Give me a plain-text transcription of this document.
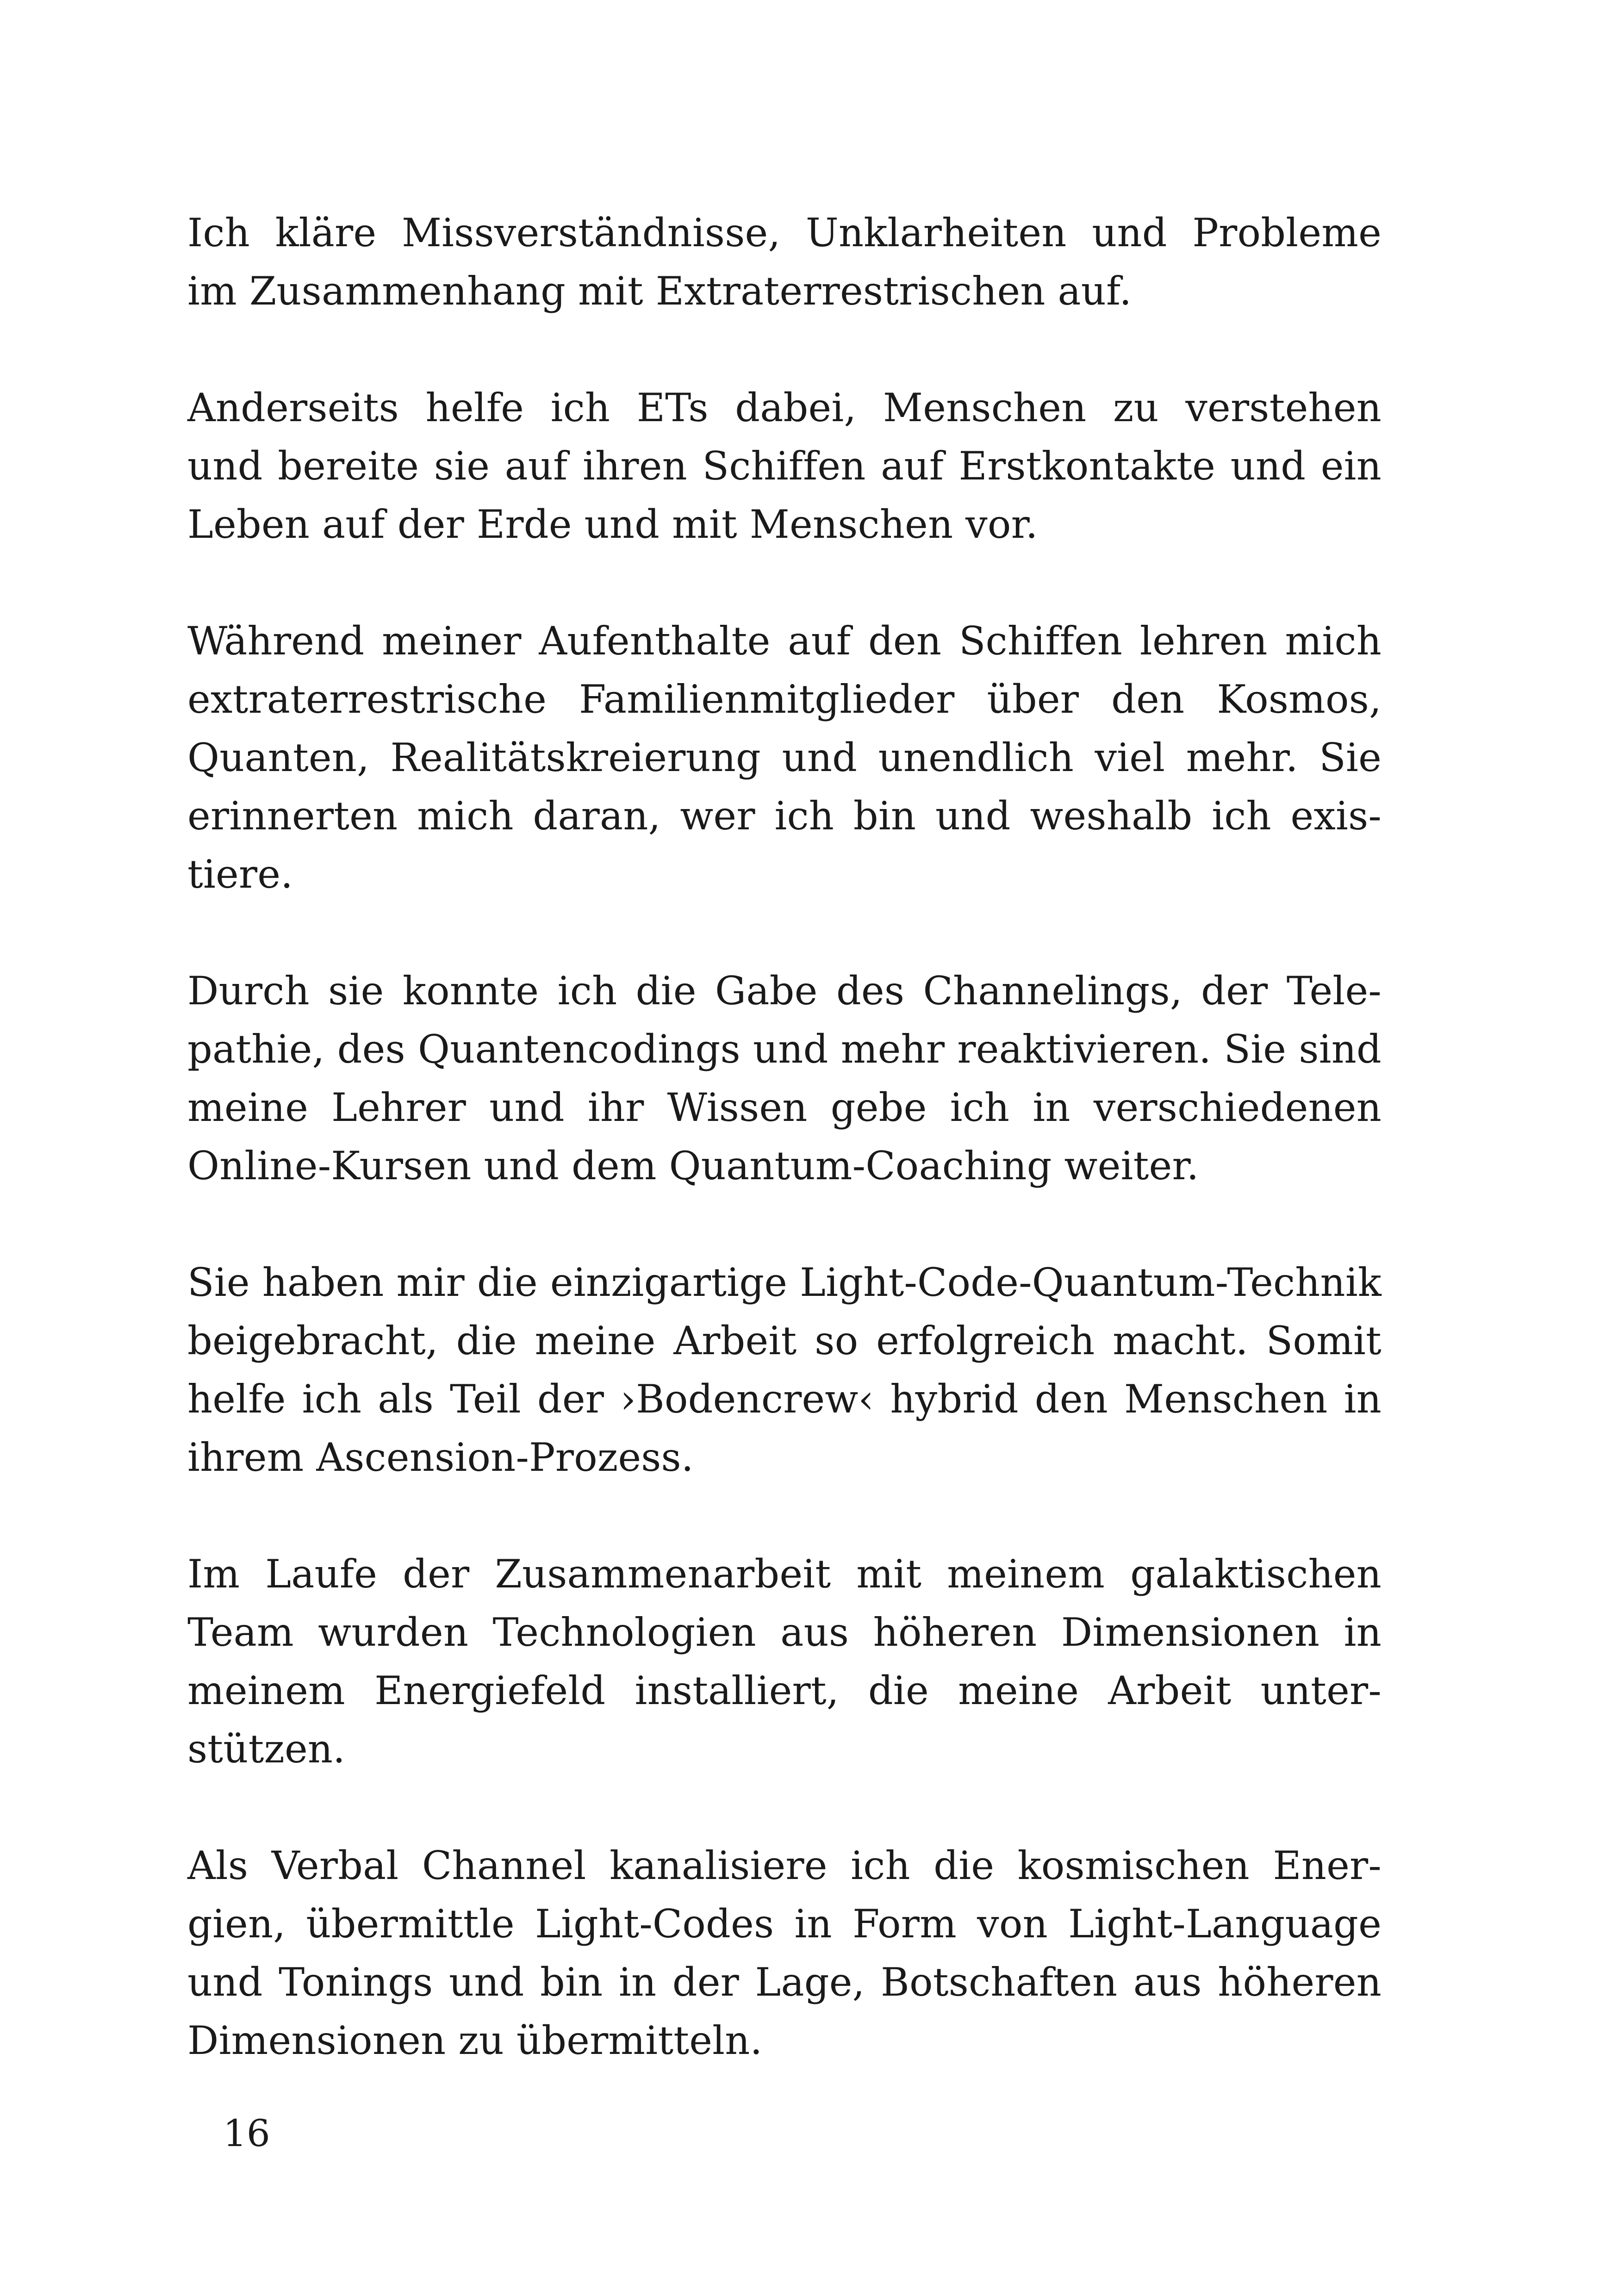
Ich kläre Missverständnisse, Unklarheiten und Probleme
im Zusammenhang mit Extraterrestrischen auf.

Anderseits helfe ich ETs dabei, Menschen zu verstehen
und bereite sie auf ihren Schiffen auf Erstkontakte und ein
Leben auf der Erde und mit Menschen vor.

Während meiner Aufenthalte auf den Schiffen lehren mich
extraterrestrische Familienmitglieder über den Kosmos,
Quanten, Realitätskreierung und unendlich viel mehr. Sie
erinnerten mich daran, wer ich bin und weshalb ich exis-
tiere.

Durch sie konnte ich die Gabe des Channelings, der Tele-
pathie, des Quantencodings und mehr reaktivieren. Sie sind
meine Lehrer und ihr Wissen gebe ich in verschiedenen
Online-Kursen und dem Quantum-Coaching weiter.

Sie haben mir die einzigartige Light-Code-Quantum-Technik
beigebracht, die meine Arbeit so erfolgreich macht. Somit
helfe ich als Teil der ›Bodencrew‹ hybrid den Menschen in
ihrem Ascension-Prozess.

Im Laufe der Zusammenarbeit mit meinem galaktischen
Team wurden Technologien aus höheren Dimensionen in
meinem Energiefeld installiert, die meine Arbeit unter-
stützen.

Als Verbal Channel kanalisiere ich die kosmischen Ener-
gien, übermittle Light-Codes in Form von Light-Language
und Tonings und bin in der Lage, Botschaften aus höheren
Dimensionen zu übermitteln.

16
